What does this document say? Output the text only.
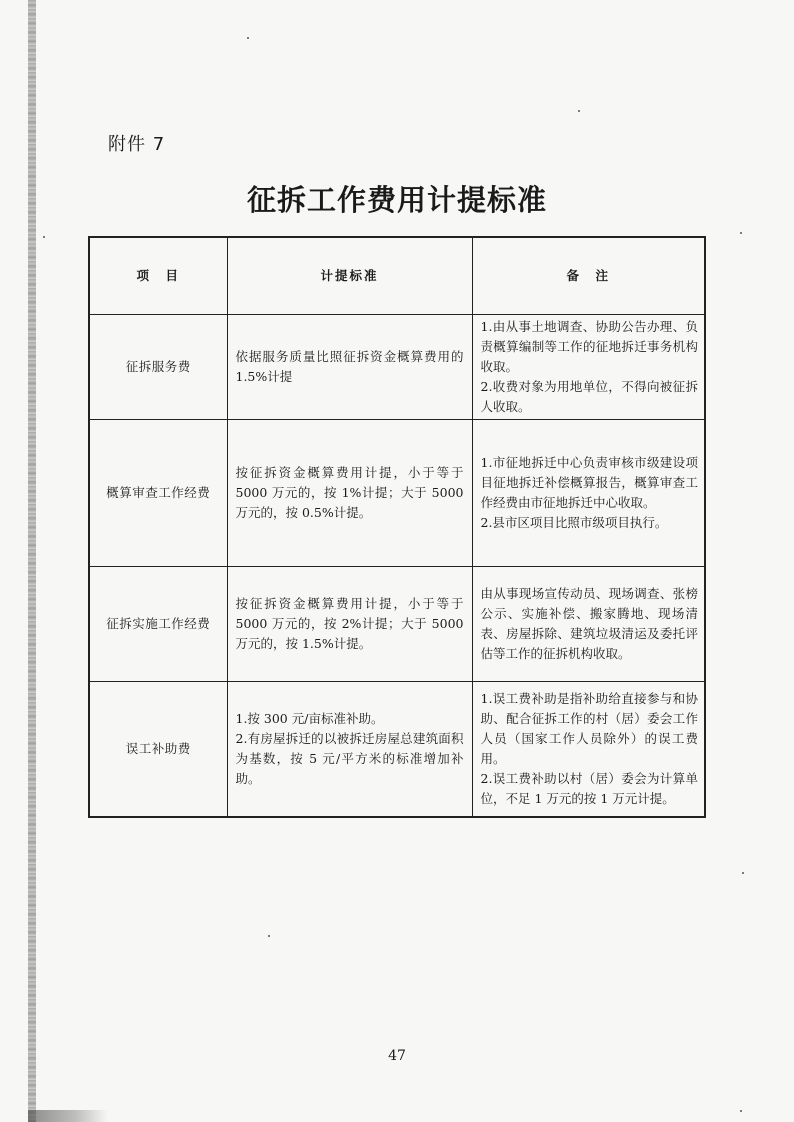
附件 7
征拆工作费用计提标准
项　目	计提标准	备　注
征拆服务费	依据服务质量比照征拆资金概算费用的 1.5%计提	1.由从事土地调查、协助公告办理、负责概算编制等工作的征地拆迁事务机构收取。
2.收费对象为用地单位，不得向被征拆人收取。

概算审查工作经费	按征拆资金概算费用计提，小于等于 5000 万元的，按 1%计提；大于 5000 万元的，按 0.5%计提。	1.市征地拆迁中心负责审核市级建设项目征地拆迁补偿概算报告，概算审查工作经费由市征地拆迁中心收取。
2.县市区项目比照市级项目执行。

征拆实施工作经费	按征拆资金概算费用计提，小于等于 5000 万元的，按 2%计提；大于 5000 万元的，按 1.5%计提。	由从事现场宣传动员、现场调查、张榜公示、实施补偿、搬家腾地、现场清表、房屋拆除、建筑垃圾清运及委托评估等工作的征拆机构收取。

误工补助费	1.按 300 元/亩标准补助。
2.有房屋拆迁的以被拆迁房屋总建筑面积为基数，按 5 元/平方米的标准增加补助。	1.误工费补助是指补助给直接参与和协助、配合征拆工作的村（居）委会工作人员（国家工作人员除外）的误工费用。
2.误工费补助以村（居）委会为计算单位，不足 1 万元的按 1 万元计提。
47
